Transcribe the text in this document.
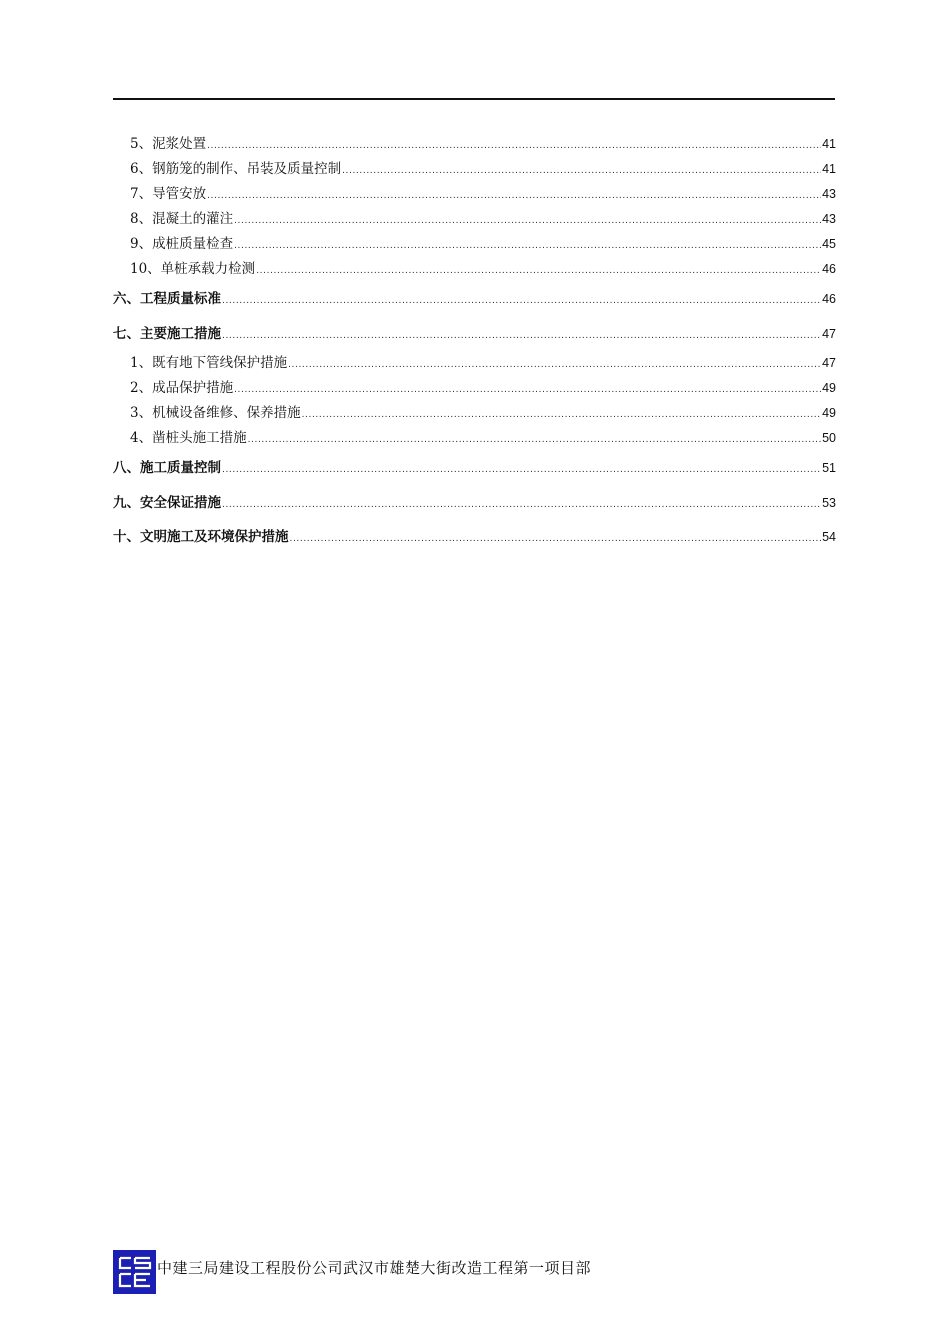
5、泥浆处置 .....	41
6、钢筋笼的制作、吊装及质量控制 .....	41
7、导管安放 .....	43
8、混凝土的灌注 .....	43
9、成桩质量检查 .....	45
10、单桩承载力检测 .....	46
六、工程质量标准 .....	46
七、主要施工措施 .....	47
1、既有地下管线保护措施 .....	47
2、成品保护措施 .....	49
3、机械设备维修、保养措施 .....	49
4、凿桩头施工措施 .....	50
八、施工质量控制 .....	51
九、安全保证措施 .....	53
十、文明施工及环境保护措施 .....	54
中建三局建设工程股份公司武汉市雄楚大街改造工程第一项目部
